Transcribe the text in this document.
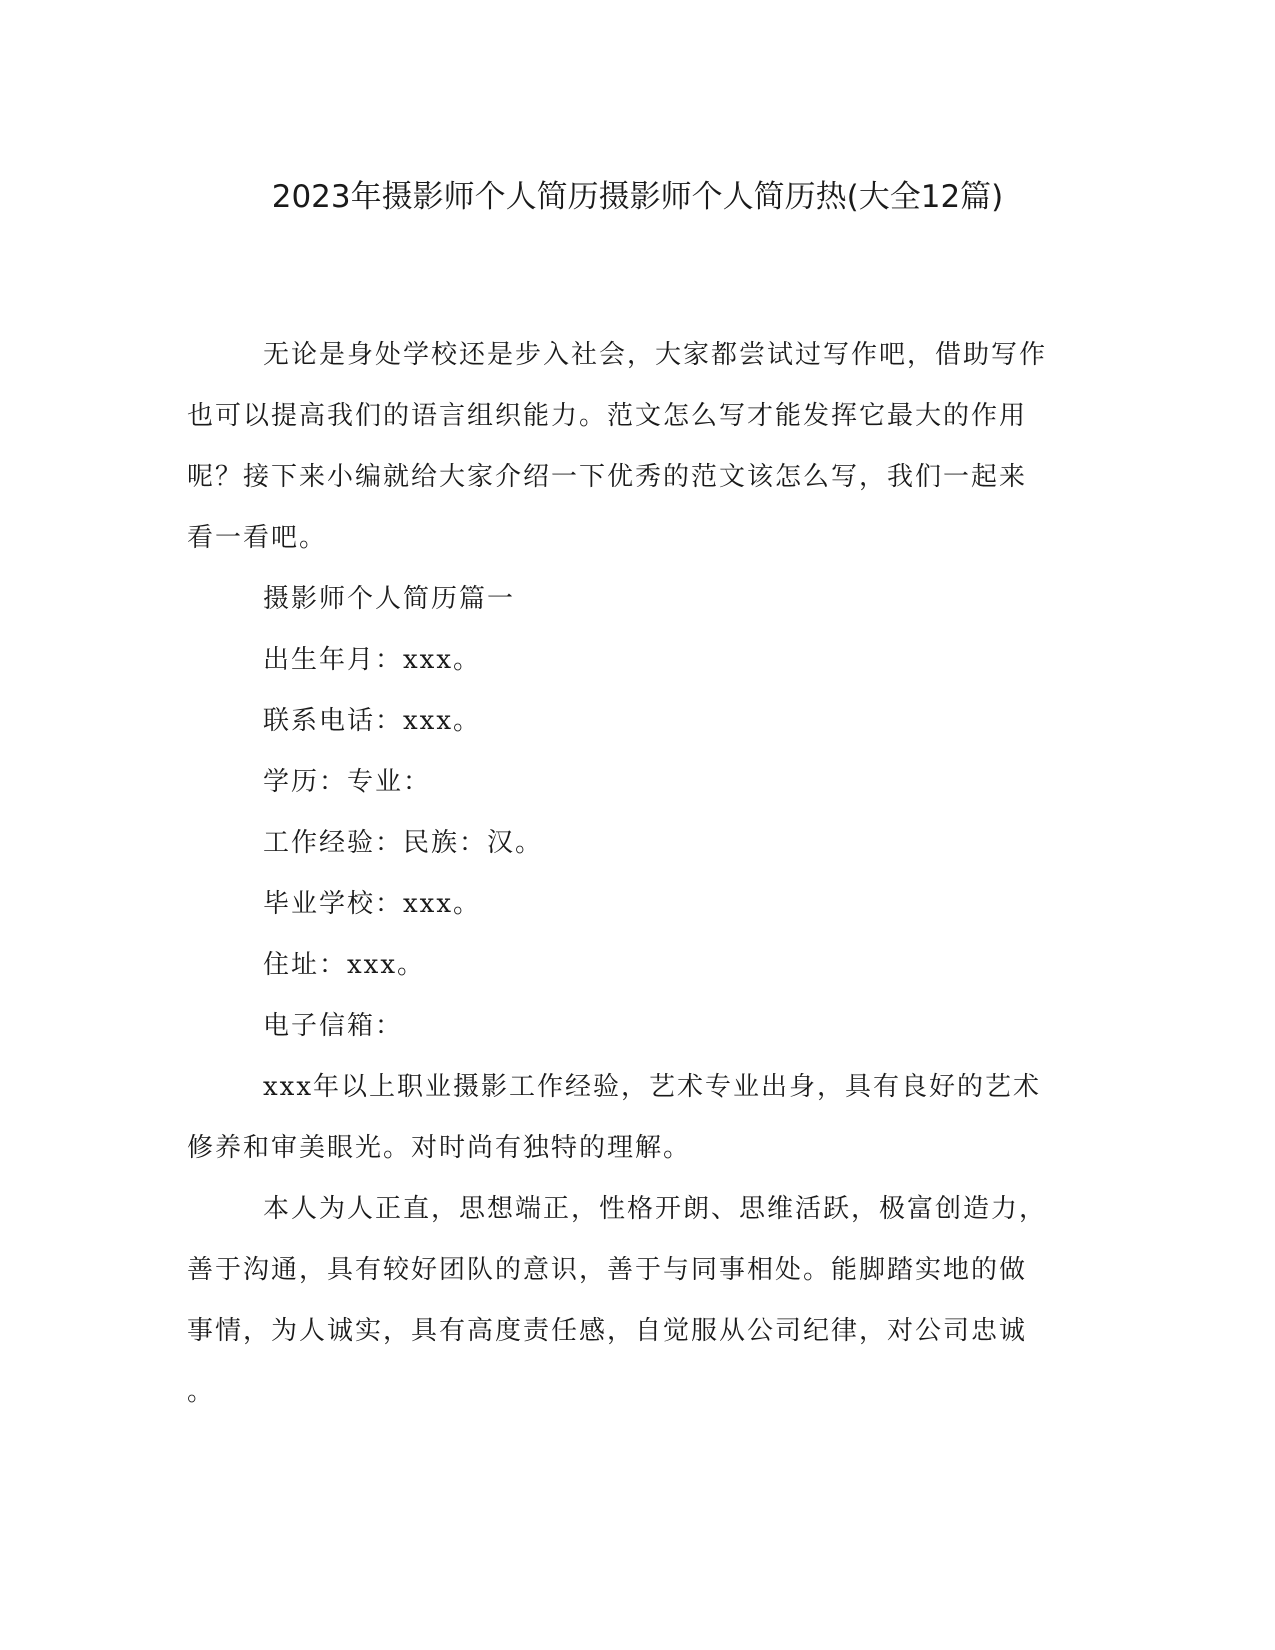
2023年摄影师个人简历摄影师个人简历热(大全12篇)
无论是身处学校还是步入社会，大家都尝试过写作吧，借助写作
也可以提高我们的语言组织能力。范文怎么写才能发挥它最大的作用
呢？接下来小编就给大家介绍一下优秀的范文该怎么写，我们一起来
看一看吧。
摄影师个人简历篇一
出生年月：xxx。
联系电话：xxx。
学历：专业：
工作经验：民族：汉。
毕业学校：xxx。
住址：xxx。
电子信箱：
xxx年以上职业摄影工作经验，艺术专业出身，具有良好的艺术
修养和审美眼光。对时尚有独特的理解。
本人为人正直，思想端正，性格开朗、思维活跃，极富创造力，
善于沟通，具有较好团队的意识，善于与同事相处。能脚踏实地的做
事情，为人诚实，具有高度责任感，自觉服从公司纪律，对公司忠诚
。
